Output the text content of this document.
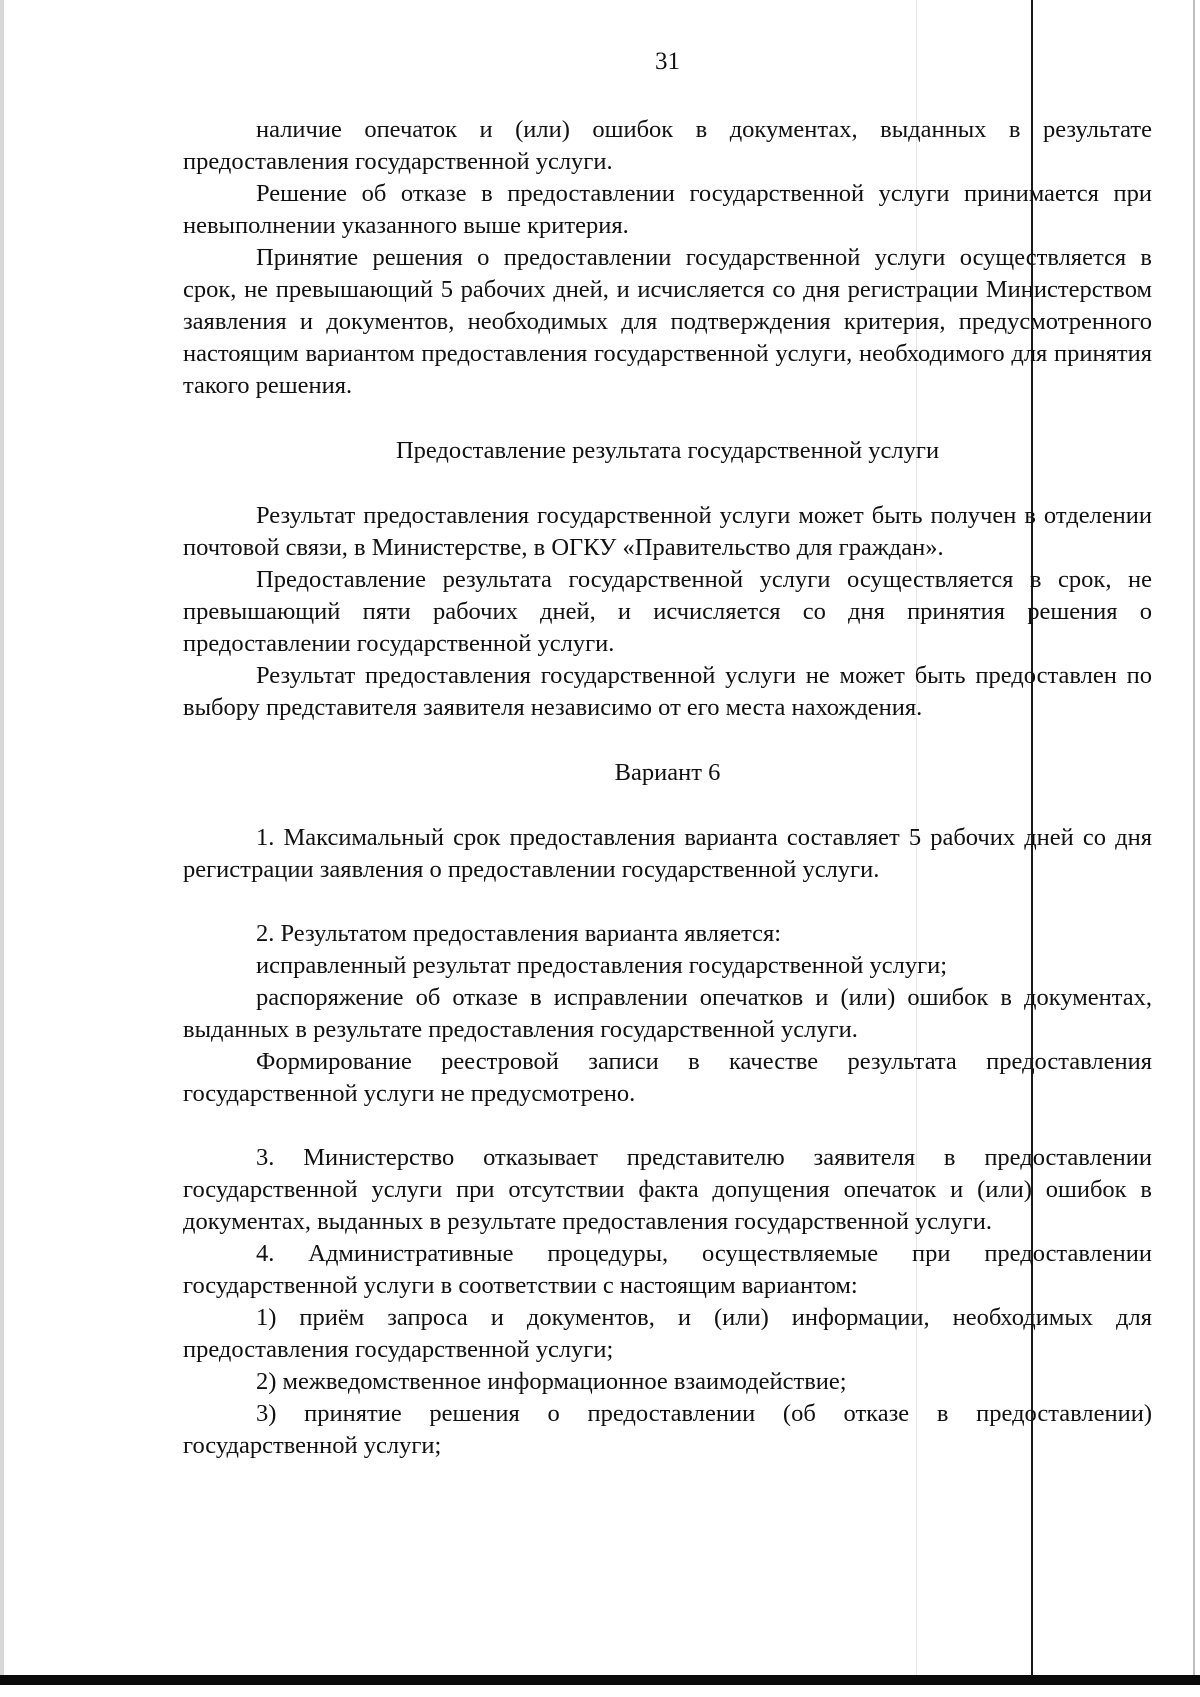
31

наличие опечаток и (или) ошибок в документах, выданных в результате предоставления государственной услуги.

Решение об отказе в предоставлении государственной услуги принимается при невыполнении указанного выше критерия.

Принятие решения о предоставлении государственной услуги осуществляется в срок, не превышающий 5 рабочих дней, и исчисляется со дня регистрации Министерством заявления и документов, необходимых для подтверждения критерия, предусмотренного настоящим вариантом предоставления государственной услуги, необходимого для принятия такого решения.

Предоставление результата государственной услуги

Результат предоставления государственной услуги может быть получен в отделении почтовой связи, в Министерстве, в ОГКУ «Правительство для граждан».

Предоставление результата государственной услуги осуществляется в срок, не превышающий пяти рабочих дней, и исчисляется со дня принятия решения о предоставлении государственной услуги.

Результат предоставления государственной услуги не может быть предоставлен по выбору представителя заявителя независимо от его места нахождения.

Вариант 6

1. Максимальный срок предоставления варианта составляет 5 рабочих дней со дня регистрации заявления о предоставлении государственной услуги.

2. Результатом предоставления варианта является:

исправленный результат предоставления государственной услуги;

распоряжение об отказе в исправлении опечатков и (или) ошибок в документах, выданных в результате предоставления государственной услуги.

Формирование реестровой записи в качестве результата предоставления государственной услуги не предусмотрено.

3. Министерство отказывает представителю заявителя в предоставлении государственной услуги при отсутствии факта допущения опечаток и (или) ошибок в документах, выданных в результате предоставления государственной услуги.

4. Административные процедуры, осуществляемые при предоставлении государственной услуги в соответствии с настоящим вариантом:

1) приём запроса и документов, и (или) информации, необходимых для предоставления государственной услуги;

2) межведомственное информационное взаимодействие;

3) принятие решения о предоставлении (об отказе в предоставлении) государственной услуги;
